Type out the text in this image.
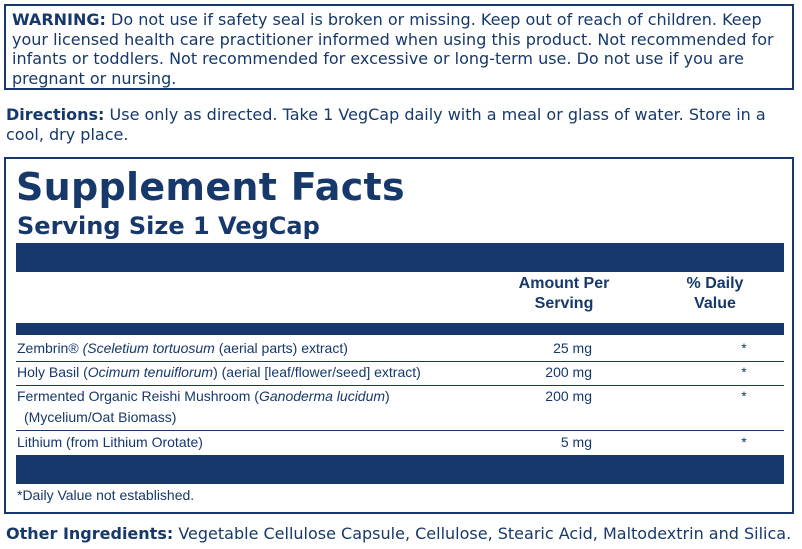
WARNING: Do not use if safety seal is broken or missing. Keep out of reach of children. Keep your licensed health care practitioner informed when using this product. Not recommended for infants or toddlers. Not recommended for excessive or long-term use. Do not use if you are pregnant or nursing.
Directions: Use only as directed. Take 1 VegCap daily with a meal or glass of water. Store in a cool, dry place.
Supplement Facts
Serving Size 1 VegCap
Amount Per Serving
% Daily Value
Zembrin® (Sceletium tortuosum (aerial parts) extract)	25 mg	*
Holy Basil (Ocimum tenuiflorum) (aerial [leaf/flower/seed] extract)	200 mg	*
Fermented Organic Reishi Mushroom (Ganoderma lucidum)
(Mycelium/Oat Biomass)
200 mg	*
Lithium (from Lithium Orotate)	5 mg	*
*Daily Value not established.
Other Ingredients: Vegetable Cellulose Capsule, Cellulose, Stearic Acid, Maltodextrin and Silica.
